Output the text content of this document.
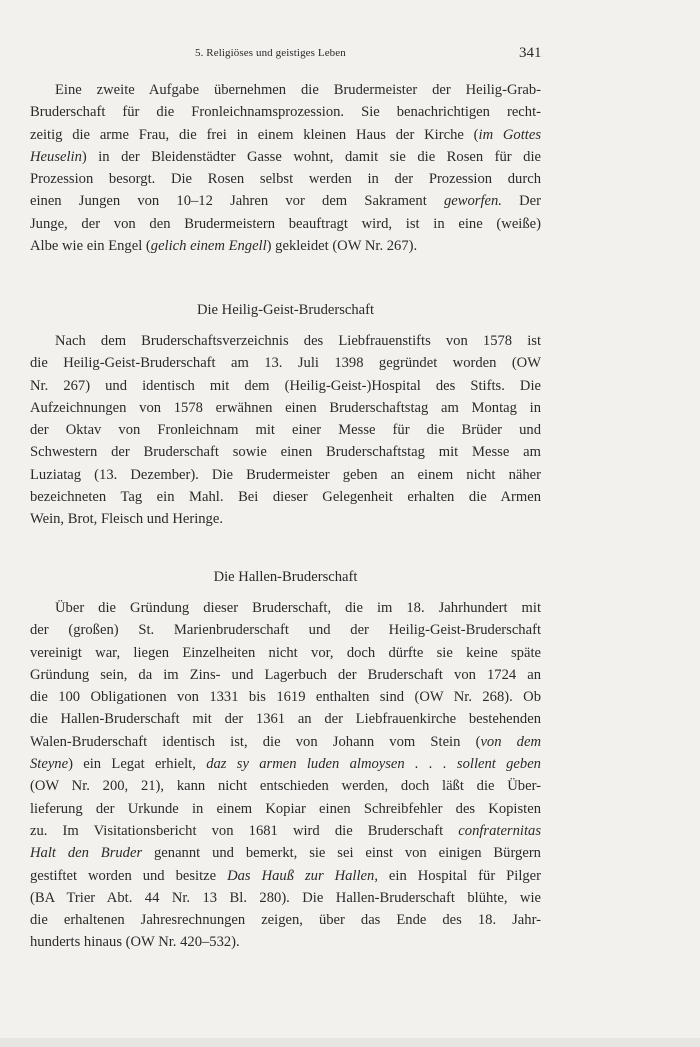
5. Religiöses und geistiges Leben	341
Eine zweite Aufgabe übernehmen die Brudermeister der Heilig-Grab-
Bruderschaft für die Fronleichnamsprozession. Sie benachrichtigen recht-
zeitig die arme Frau, die frei in einem kleinen Haus der Kirche (im Gottes
Heuselin) in der Bleidenstädter Gasse wohnt, damit sie die Rosen für die
Prozession besorgt. Die Rosen selbst werden in der Prozession durch
einen Jungen von 10–12 Jahren vor dem Sakrament geworfen. Der
Junge, der von den Brudermeistern beauftragt wird, ist in eine (weiße)
Albe wie ein Engel (gelich einem Engell) gekleidet (OW Nr. 267).
Die Heilig-Geist-Bruderschaft
Nach dem Bruderschaftsverzeichnis des Liebfrauenstifts von 1578 ist
die Heilig-Geist-Bruderschaft am 13. Juli 1398 gegründet worden (OW
Nr. 267) und identisch mit dem (Heilig-Geist-)Hospital des Stifts. Die
Aufzeichnungen von 1578 erwähnen einen Bruderschaftstag am Montag in
der Oktav von Fronleichnam mit einer Messe für die Brüder und
Schwestern der Bruderschaft sowie einen Bruderschaftstag mit Messe am
Luziatag (13. Dezember). Die Brudermeister geben an einem nicht näher
bezeichneten Tag ein Mahl. Bei dieser Gelegenheit erhalten die Armen
Wein, Brot, Fleisch und Heringe.
Die Hallen-Bruderschaft
Über die Gründung dieser Bruderschaft, die im 18. Jahrhundert mit
der (großen) St. Marienbruderschaft und der Heilig-Geist-Bruderschaft
vereinigt war, liegen Einzelheiten nicht vor, doch dürfte sie keine späte
Gründung sein, da im Zins- und Lagerbuch der Bruderschaft von 1724 an
die 100 Obligationen von 1331 bis 1619 enthalten sind (OW Nr. 268). Ob
die Hallen-Bruderschaft mit der 1361 an der Liebfrauenkirche bestehenden
Walen-Bruderschaft identisch ist, die von Johann vom Stein (von dem
Steyne) ein Legat erhielt, daz sy armen luden almoysen . . . sollent geben
(OW Nr. 200, 21), kann nicht entschieden werden, doch läßt die Über-
lieferung der Urkunde in einem Kopiar einen Schreibfehler des Kopisten
zu. Im Visitationsbericht von 1681 wird die Bruderschaft confraternitas
Halt den Bruder genannt und bemerkt, sie sei einst von einigen Bürgern
gestiftet worden und besitze Das Hauß zur Hallen, ein Hospital für Pilger
(BA Trier Abt. 44 Nr. 13 Bl. 280). Die Hallen-Bruderschaft blühte, wie
die erhaltenen Jahresrechnungen zeigen, über das Ende des 18. Jahr-
hunderts hinaus (OW Nr. 420–532).
